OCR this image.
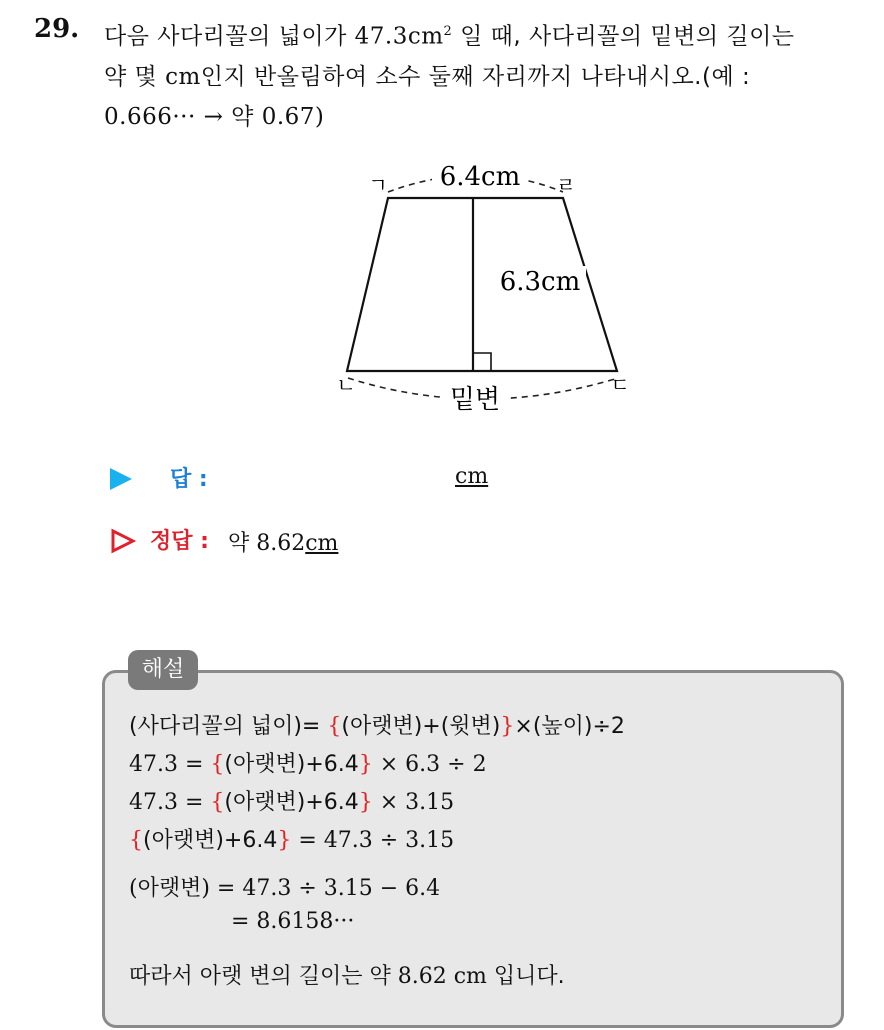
29. 다음 사다리꼴의 넓이가 $47.3cm^2$ 일 때, 사다리꼴의 밑변의 길이는
약 몇 cm인지 반올림하여 소수 둘째 자리까지 나타내시오.(예 :
0.666··· → 약 0.67)
6.4cm
6.3cm
밑변
ㄱ	ㄹ
ㄴ	ㄷ
답 :	cm
정답 : 약 8.62cm
해설
(사다리꼴의 넓이)= {(아랫변)+(윗변)}×(높이)÷2
47.3 = {(아랫변)+6.4} × 6.3 ÷ 2
47.3 = {(아랫변)+6.4} × 3.15
{(아랫변)+6.4} = 47.3 ÷ 3.15
(아랫변) = 47.3 ÷ 3.15 − 6.4
= 8.6158···
따라서 아랫 변의 길이는 약 8.62 cm 입니다.
